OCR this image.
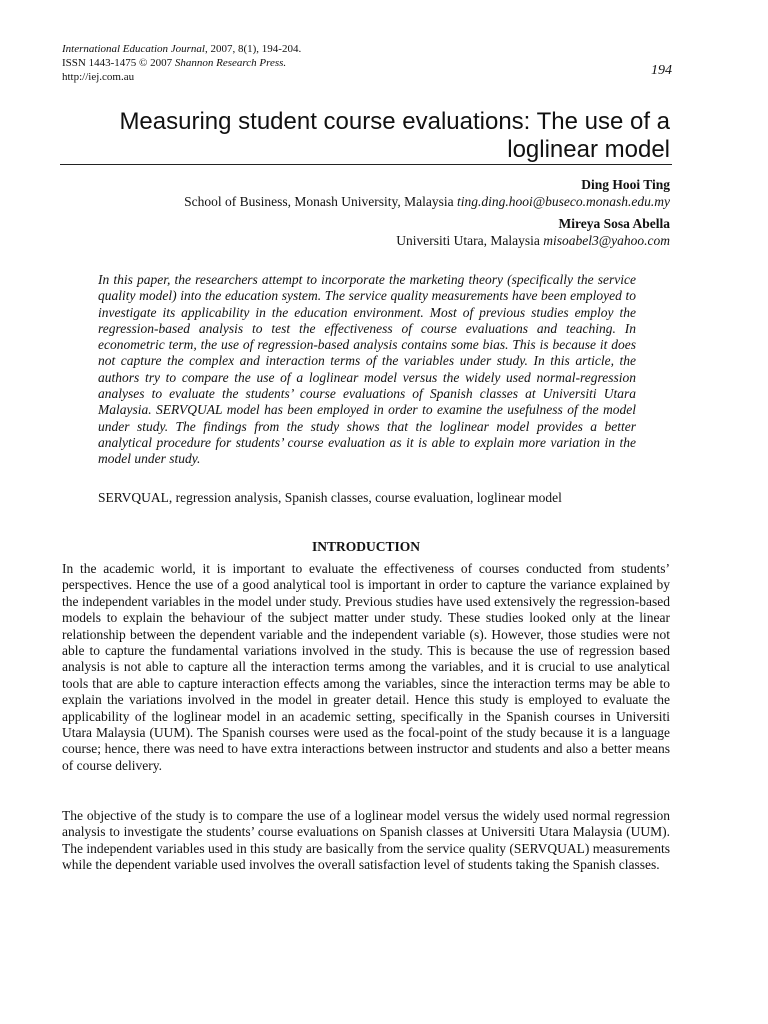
International Education Journal, 2007, 8(1), 194-204.
ISSN 1443-1475 © 2007 Shannon Research Press.
http://iej.com.au	194
Measuring student course evaluations: The use of a loglinear model
Ding Hooi Ting
School of Business, Monash University, Malaysia ting.ding.hooi@buseco.monash.edu.my
Mireya Sosa Abella
Universiti Utara, Malaysia misoabel3@yahoo.com

In this paper, the researchers attempt to incorporate the marketing theory (specifically the service quality model) into the education system. The service quality measurements have been employed to investigate its applicability in the education environment. Most of previous studies employ the regression-based analysis to test the effectiveness of course evaluations and teaching. In econometric term, the use of regression-based analysis contains some bias. This is because it does not capture the complex and interaction terms of the variables under study. In this article, the authors try to compare the use of a loglinear model versus the widely used normal-regression analyses to evaluate the students’ course evaluations of Spanish classes at Universiti Utara Malaysia. SERVQUAL model has been employed in order to examine the usefulness of the model under study. The findings from the study shows that the loglinear model provides a better analytical procedure for students’ course evaluation as it is able to explain more variation in the model under study.

SERVQUAL, regression analysis, Spanish classes, course evaluation, loglinear model

INTRODUCTION

In the academic world, it is important to evaluate the effectiveness of courses conducted from students’ perspectives. Hence the use of a good analytical tool is important in order to capture the variance explained by the independent variables in the model under study. Previous studies have used extensively the regression-based models to explain the behaviour of the subject matter under study. These studies looked only at the linear relationship between the dependent variable and the independent variable (s). However, those studies were not able to capture the fundamental variations involved in the study. This is because the use of regression based analysis is not able to capture all the interaction terms among the variables, and it is crucial to use analytical tools that are able to capture interaction effects among the variables, since the interaction terms may be able to explain the variations involved in the model in greater detail. Hence this study is employed to evaluate the applicability of the loglinear model in an academic setting, specifically in the Spanish courses in Universiti Utara Malaysia (UUM). The Spanish courses were used as the focal-point of the study because it is a language course; hence, there was need to have extra interactions between instructor and students and also a better means of course delivery.

The objective of the study is to compare the use of a loglinear model versus the widely used normal regression analysis to investigate the students’ course evaluations on Spanish classes at Universiti Utara Malaysia (UUM). The independent variables used in this study are basically from the service quality (SERVQUAL) measurements while the dependent variable used involves the overall satisfaction level of students taking the Spanish classes.
